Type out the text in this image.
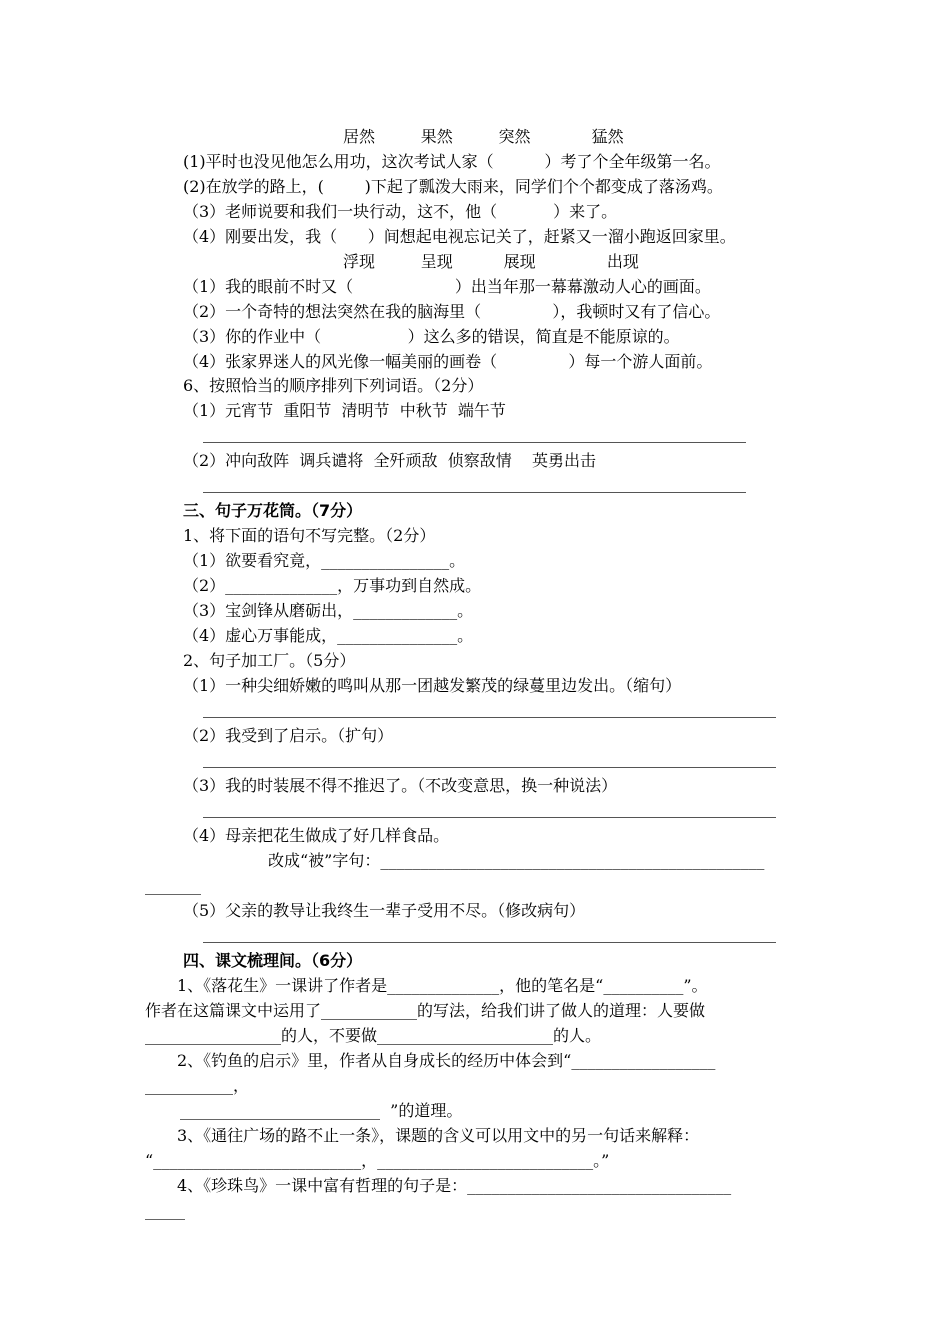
居然         果然         突然            猛然
(1)平时也没见他怎么用功，这次考试人家（          ）考了个全年级第一名。
(2)在放学的路上，(        )下起了瓢泼大雨来，同学们个个都变成了落汤鸡。
（3）老师说要和我们一块行动，这不，他（           ）来了。
（4）刚要出发，我（      ）间想起电视忘记关了，赶紧又一溜小跑返回家里。
浮现         呈现          展现              出现
（1）我的眼前不时又（                    ）出当年那一幕幕激动人心的画面。
（2）一个奇特的想法突然在我的脑海里（              ），我顿时又有了信心。
（3）你的作业中（                 ）这么多的错误，简直是不能原谅的。
（4）张家界迷人的风光像一幅美丽的画卷（              ）每一个游人面前。
6、按照恰当的顺序排列下列词语。（2分）
（1）元宵节  重阳节  清明节  中秋节  端午节
（2）冲向敌阵  调兵谴将  全歼顽敌  侦察敌情    英勇出击
三、句子万花筒。（7分）
1、将下面的语句不写完整。（2分）
（1）欲要看究竟，________________。
（2）______________，万事功到自然成。
（3）宝剑锋从磨砺出，_____________。
（4）虚心万事能成，_______________。
2、句子加工厂。（5分）
（1）一种尖细娇嫩的鸣叫从那一团越发繁茂的绿蔓里边发出。（缩句）
（2）我受到了启示。（扩句）
（3）我的时装展不得不推迟了。（不改变意思，换一种说法）
（4）母亲把花生做成了好几样食品。
改成“被”字句：________________________________________________
_______
（5）父亲的教导让我终生一辈子受用不尽。（修改病句）
四、课文梳理间。（6分）
1、《落花生》一课讲了作者是______________，他的笔名是“__________”。
作者在这篇课文中运用了____________的写法，给我们讲了做人的道理：人要做
_________________的人，不要做______________________的人。
2、《钓鱼的启示》里，作者从自身成长的经历中体会到“__________________
___________，
_________________________  ”的道理。
3、《通往广场的路不止一条》，课题的含义可以用文中的另一句话来解释：
“__________________________，___________________________。”
4、《珍珠鸟》一课中富有哲理的句子是：_________________________________
_____
